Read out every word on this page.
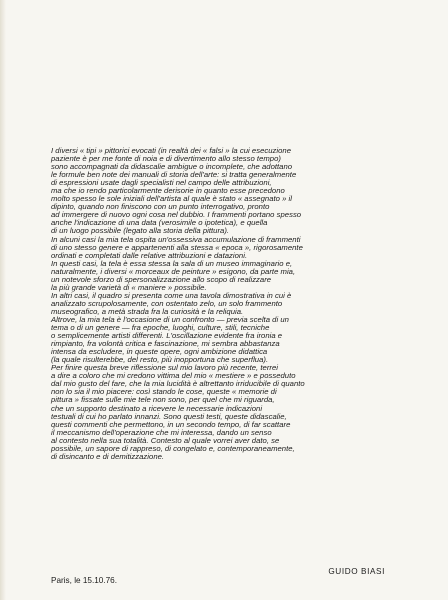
I diversi « tipi » pittorici evocati (in realtà dei « falsi » la cui esecuzione
paziente è per me fonte di noia e di divertimento allo stesso tempo)
sono accompagnati da didascalie ambigue o incomplete, che adottano
le formule ben note dei manuali di storia dell'arte: si tratta generalmente
di espressioni usate dagli specialisti nel campo delle attribuzioni,
ma che io rendo particolarmente derisorie in quanto esse precedono
molto spesso le sole iniziali dell'artista al quale è stato « assegnato » il
dipinto, quando non finiscono con un punto interrogativo, pronto
ad immergere di nuovo ogni cosa nel dubbio. I frammenti portano spesso
anche l'indicazione di una data (verosimile o ipotetica), e quella
di un luogo possibile (legato alla storia della pittura).
In alcuni casi la mia tela ospita un'ossessiva accumulazione di frammenti
di uno stesso genere e appartenenti alla stessa « epoca », rigorosamente
ordinati e completati dalle relative attribuzioni e datazioni.
In questi casi, la tela è essa stessa la sala di un museo immaginario e,
naturalmente, i diversi « morceaux de peinture » esigono, da parte mia,
un notevole sforzo di spersonalizzazione allo scopo di realizzare
la più grande varietà di « maniere » possibile.
In altri casi, il quadro si presenta come una tavola dimostrativa in cui è
analizzato scrupolosamente, con ostentato zelo, un solo frammento
museografico, a metà strada fra la curiosità e la reliquia.
Altrove, la mia tela è l'occasione di un confronto — previa scelta di un
tema o di un genere — fra epoche, luoghi, culture, stili, tecniche
o semplicemente artisti differenti. L'oscillazione evidente fra ironia e
rimpianto, fra volontà critica e fascinazione, mi sembra abbastanza
intensa da escludere, in queste opere, ogni ambizione didattica
(la quale risulterebbe, del resto, più inopportuna che superflua).
Per finire questa breve riflessione sul mio lavoro più recente, terrei
a dire a coloro che mi credono vittima del mio « mestiere » e posseduto
dal mio gusto del fare, che la mia lucidità è altrettanto irriducibile di quanto
non lo sia il mio piacere: così stando le cose, queste « memorie di
pittura » fissate sulle mie tele non sono, per quel che mi riguarda,
che un supporto destinato a ricevere le necessarie indicazioni
testuali di cui ho parlato innanzi. Sono questi testi, queste didascalie,
questi commenti che permettono, in un secondo tempo, di far scattare
il meccanismo dell'operazione che mi interessa, dando un senso
al contesto nella sua totalità. Contesto al quale vorrei aver dato, se
possibile, un sapore di rappreso, di congelato e, contemporaneamente,
di disincanto e di demitizzazione.
Paris, le 15.10.76.
GUIDO BIASI
